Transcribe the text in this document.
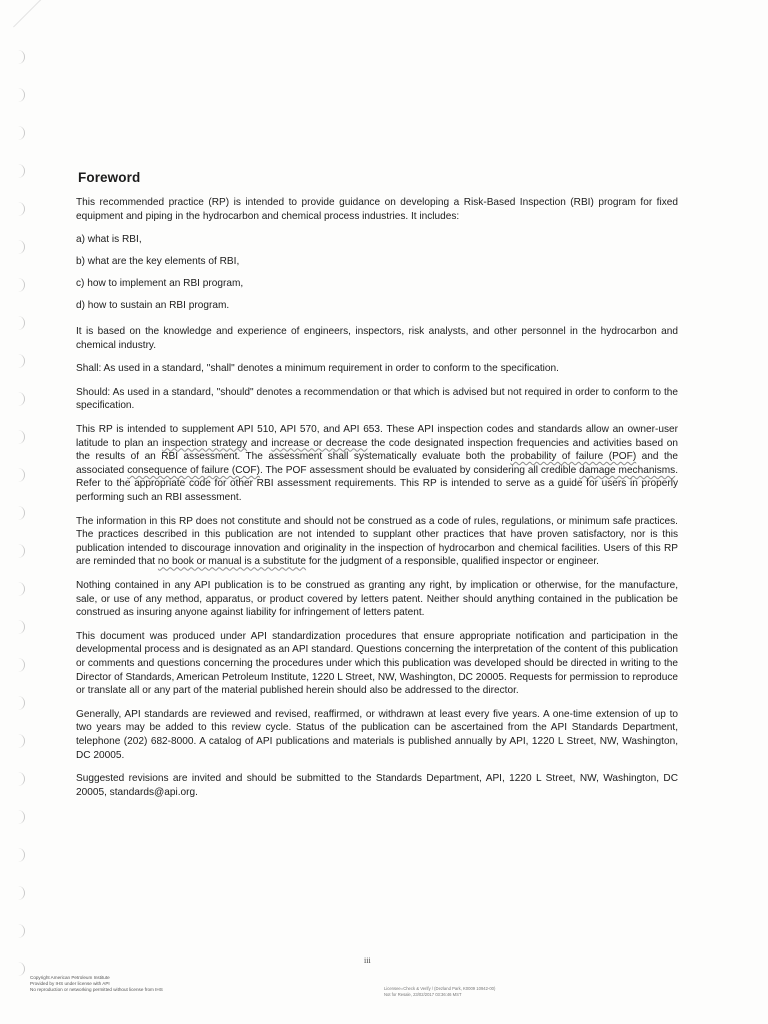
Foreword

This recommended practice (RP) is intended to provide guidance on developing a Risk-Based Inspection (RBI) program for fixed equipment and piping in the hydrocarbon and chemical process industries. It includes:

a) what is RBI,

b) what are the key elements of RBI,

c) how to implement an RBI program,

d) how to sustain an RBI program.

It is based on the knowledge and experience of engineers, inspectors, risk analysts, and other personnel in the hydrocarbon and chemical industry.

Shall: As used in a standard, "shall" denotes a minimum requirement in order to conform to the specification.

Should: As used in a standard, "should" denotes a recommendation or that which is advised but not required in order to conform to the specification.

This RP is intended to supplement API 510, API 570, and API 653. These API inspection codes and standards allow an owner-user latitude to plan an inspection strategy and increase or decrease the code designated inspection frequencies and activities based on the results of an RBI assessment. The assessment shall systematically evaluate both the probability of failure (POF) and the associated consequence of failure (COF). The POF assessment should be evaluated by considering all credible damage mechanisms. Refer to the appropriate code for other RBI assessment requirements. This RP is intended to serve as a guide for users in properly performing such an RBI assessment.

The information in this RP does not constitute and should not be construed as a code of rules, regulations, or minimum safe practices. The practices described in this publication are not intended to supplant other practices that have proven satisfactory, nor is this publication intended to discourage innovation and originality in the inspection of hydrocarbon and chemical facilities. Users of this RP are reminded that no book or manual is a substitute for the judgment of a responsible, qualified inspector or engineer.

Nothing contained in any API publication is to be construed as granting any right, by implication or otherwise, for the manufacture, sale, or use of any method, apparatus, or product covered by letters patent. Neither should anything contained in the publication be construed as insuring anyone against liability for infringement of letters patent.

This document was produced under API standardization procedures that ensure appropriate notification and participation in the developmental process and is designated as an API standard. Questions concerning the interpretation of the content of this publication or comments and questions concerning the procedures under which this publication was developed should be directed in writing to the Director of Standards, American Petroleum Institute, 1220 L Street, NW, Washington, DC 20005. Requests for permission to reproduce or translate all or any part of the material published herein should also be addressed to the director.

Generally, API standards are reviewed and revised, reaffirmed, or withdrawn at least every five years. A one-time extension of up to two years may be added to this review cycle. Status of the publication can be ascertained from the API Standards Department, telephone (202) 682-8000. A catalog of API publications and materials is published annually by API, 1220 L Street, NW, Washington, DC 20005.

Suggested revisions are invited and should be submitted to the Standards Department, API, 1220 L Street, NW, Washington, DC 20005, standards@api.org.

iii
Copyright American Petroleum Institute
Provided by IHS under license with API
No reproduction or networking permitted without license from IHS	Licensee=Check & Verify / (Dezland Park, K0009 10942-00)
Not for Resale, 23/02/2017 03:36:46 MST
